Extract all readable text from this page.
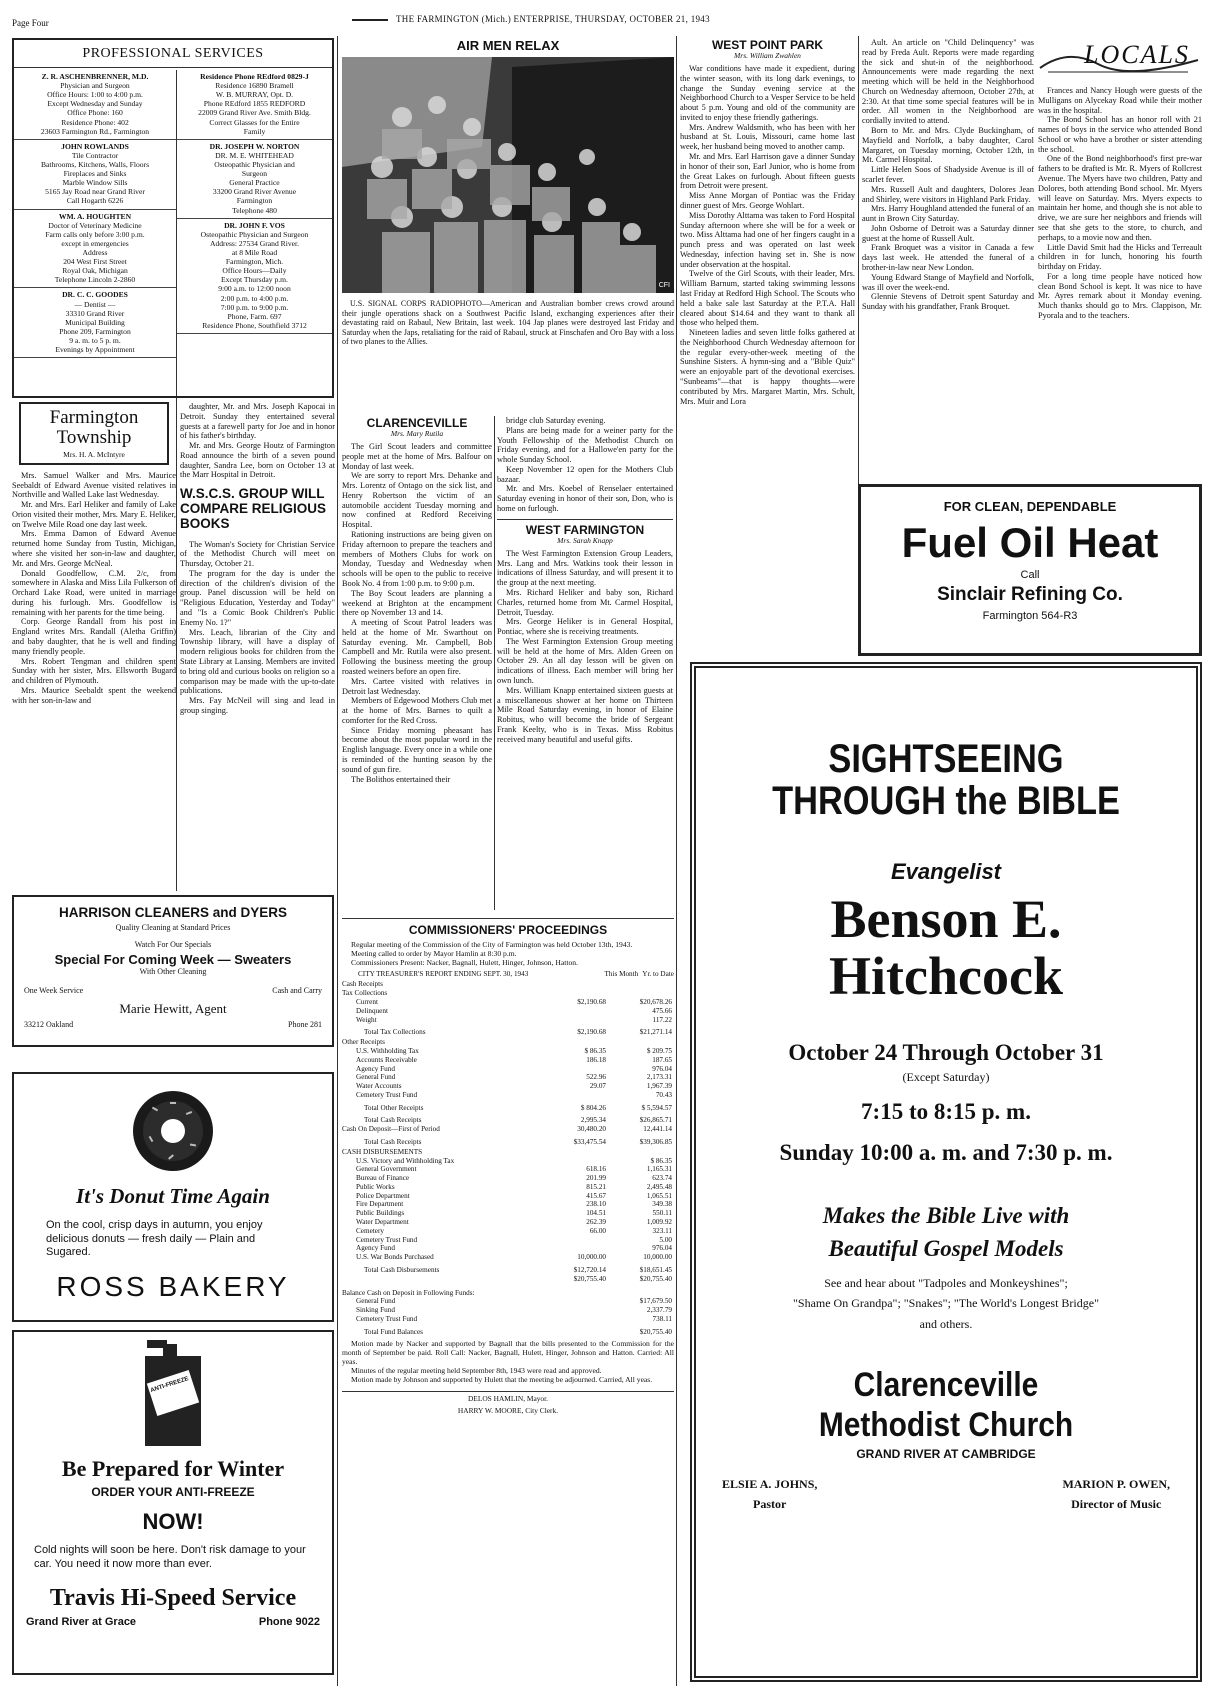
Page Four	THE FARMINGTON (Mich.) ENTERPRISE, THURSDAY, OCTOBER 21, 1943
PROFESSIONAL SERVICES
Z. R. ASCHENBRENNER, M.D.
Physician and Surgeon
Office Hours: 1:00 to 4:00 p.m.
Except Wednesday and Sunday
Office Phone: 160
Residence Phone: 402
23603 Farmington Rd., Farmington
JOHN ROWLANDS
Tile Contractor
Bathrooms, Kitchens, Walls, Floors
Fireplaces and Sinks
Marble Window Sills
5165 Jay Road near Grand River
Call Hogarth 6226
WM. A. HOUGHTEN
Doctor of Veterinary Medicine
Farm calls only before 3:00 p.m.
except in emergencies
Address
204 West First Street
Royal Oak, Michigan
Telephone Lincoln 2-2860
DR. C. C. GOODES
— Dentist —
33310 Grand River
Municipal Building
Phone 209, Farmington
9 a. m. to 5 p. m.
Evenings by Appointment
Residence Phone REdford 0829-J
Residence 16890 Bramell
W. B. MURRAY, Opt. D.
Phone REdford 1855 REDFORD
22009 Grand River Ave. Smith Bldg.
Correct Glasses for the Entire
Family
DR. JOSEPH W. NORTON
DR. M. E. WHITEHEAD
Osteopathic Physician and
Surgeon
General Practice
33200 Grand River Avenue
Farmington
Telephone 480
DR. JOHN F. VOS
Osteopathic Physician and Surgeon
Address: 27534 Grand River.
at 8 Mile Road
Farmington, Mich.
Office Hours—Daily
Except Thursday p.m.
9:00 a.m. to 12:00 noon
2:00 p.m. to 4:00 p.m.
7:00 p.m. to 9:00 p.m.
Phone, Farm. 697
Residence Phone, Southfield 3712
Farmington
Township
Mrs. H. A. McIntyre

Mrs. Samuel Walker and Mrs. Maurice Seebaldt of Edward Avenue visited relatives in Northville and Walled Lake last Wednesday.

Mr. and Mrs. Earl Heliker and family of Lake Orion visited their mother, Mrs. Mary E. Heliker, on Twelve Mile Road one day last week.

Mrs. Emma Damon of Edward Avenue returned home Sunday from Tustin, Michigan, where she visited her son-in-law and daughter, Mr. and Mrs. George McNeal.

Donald Goodfellow, C.M. 2/c, from somewhere in Alaska and Miss Lila Fulkerson of Orchard Lake Road, were united in marriage during his furlough. Mrs. Goodfellow is remaining with her parents for the time being.

Corp. George Randall from his post in England writes Mrs. Randall (Aletha Griffin) and baby daughter, that he is well and finding many friendly people.

Mrs. Robert Tengman and children spent Sunday with her sister, Mrs. Ellsworth Bugard and children of Plymouth.

Mrs. Maurice Seebaldt spent the weekend with her son-in-law and

daughter, Mr. and Mrs. Joseph Kapocai in Detroit. Sunday they entertained several guests at a farewell party for Joe and in honor of his father's birthday.

Mr. and Mrs. George Houtz of Farmington Road announce the birth of a seven pound daughter, Sandra Lee, born on October 13 at the Marr Hospital in Detroit.

W.S.C.S. GROUP WILL COMPARE RELIGIOUS BOOKS

The Woman's Society for Christian Service of the Methodist Church will meet on Thursday, October 21.

The program for the day is under the direction of the children's division of the group. Panel discussion will be held on "Religious Education, Yesterday and Today" and "Is a Comic Book Children's Public Enemy No. 1?"

Mrs. Leach, librarian of the City and Township library, will have a display of modern religious books for children from the State Library at Lansing. Members are invited to bring old and curious books on religion so a comparison may be made with the up-to-date publications.

Mrs. Fay McNeil will sing and lead in group singing.

HARRISON CLEANERS and DYERS
Quality Cleaning at Standard Prices
Watch For Our Specials
Special For Coming Week — Sweaters
With Other Cleaning
One Week Service	Cash and Carry
Marie Hewitt, Agent
33212 Oakland	Phone 281
It's Donut Time Again
On the cool, crisp days in autumn, you enjoy delicious donuts — fresh daily — Plain and Sugared.
ROSS BAKERY
ANTI-FREEZE
Be Prepared for Winter
ORDER YOUR ANTI-FREEZE
NOW!
Cold nights will soon be here. Don't risk damage to your car. You need it now more than ever.
Travis Hi-Speed Service
Grand River at Grace	Phone 9022
AIR MEN RELAX
CFI
U.S. SIGNAL CORPS RADIOPHOTO—American and Australian bomber crews crowd around their jungle operations shack on a Southwest Pacific Island, exchanging experiences after their devastating raid on Rabaul, New Britain, last week. 104 Jap planes were destroyed last Friday and Saturday when the Japs, retaliating for the raid of Rabaul, struck at Finschafen and Oro Bay with a loss of two planes to the Allies.
CLARENCEVILLE
Mrs. Mary Rutila

The Girl Scout leaders and committee people met at the home of Mrs. Balfour on Monday of last week.

We are sorry to report Mrs. Dehanke and Mrs. Lorentz of Ontago on the sick list, and Henry Robertson the victim of an automobile accident Tuesday morning and now confined at Redford Receiving Hospital.

Rationing instructions are being given on Friday afternoon to prepare the teachers and members of Mothers Clubs for work on Monday, Tuesday and Wednesday when schools will be open to the public to receive Book No. 4 from 1:00 p.m. to 9:00 p.m.

The Boy Scout leaders are planning a weekend at Brighton at the encampment there op November 13 and 14.

A meeting of Scout Patrol leaders was held at the home of Mr. Swarthout on Saturday evening. Mr. Campbell, Bob Campbell and Mr. Rutila were also present. Following the business meeting the group roasted weiners before an open fire.

Mrs. Cartee visited with relatives in Detroit last Wednesday.

Members of Edgewood Mothers Club met at the home of Mrs. Barnes to quilt a comforter for the Red Cross.

Since Friday morning pheasant has become about the most popular word in the English language. Every once in a while one is reminded of the hunting season by the sound of gun fire.

The Bolithos entertained their

bridge club Saturday evening.

Plans are being made for a weiner party for the Youth Fellowship of the Methodist Church on Friday evening, and for a Hallowe'en party for the whole Sunday School.

Keep November 12 open for the Mothers Club bazaar.

Mr. and Mrs. Koebel of Renselaer entertained Saturday evening in honor of their son, Don, who is home on furlough.

WEST FARMINGTON
Mrs. Sarah Knapp

The West Farmington Extension Group Leaders, Mrs. Lang and Mrs. Watkins took their lesson in indications of illness Saturday, and will present it to the group at the next meeting.

Mrs. Richard Heliker and baby son, Richard Charles, returned home from Mt. Carmel Hospital, Detroit, Tuesday.

Mrs. George Heliker is in General Hospital, Pontiac, where she is receiving treatments.

The West Farmington Extension Group meeting will be held at the home of Mrs. Alden Green on October 29. An all day lesson will be given on indications of illness. Each member will bring her own lunch.

Mrs. William Knapp entertained sixteen guests at a miscellaneous shower at her home on Thirteen Mile Road Saturday evening, in honor of Elaine Robitus, who will become the bride of Sergeant Frank Keelty, who is in Texas. Miss Robitus received many beautiful and useful gifts.

COMMISSIONERS' PROCEEDINGS

Regular meeting of the Commission of the City of Farmington was held October 13th, 1943.

Meeting called to order by Mayor Hamlin at 8:30 p.m.

Commissioners Present: Nacker, Bagnall, Hulett, Hinger, Johnson, Hatton.

CITY TREASURER'S REPORT ENDING SEPT. 30, 1943	This Month Yr. to Date
Cash Receipts		
Tax Collections		
Current	$2,190.68	$20,678.26
Delinquent		475.66
Weight		117.22

Total Tax Collections	$2,190.68	$21,271.14
Other Receipts		
U.S. Withholding Tax	$ 86.35	$ 209.75
Accounts Receivable	186.18	187.65
Agency Fund		976.04
General Fund	522.96	2,173.31
Water Accounts	29.07	1,967.39
Cemetery Trust Fund		70.43

Total Other Receipts	$ 804.26	$ 5,594.57

Total Cash Receipts	2,995.34	$26,865.71
Cash On Deposit—First of Period	30,480.20	12,441.14

Total Cash Receipts	$33,475.54	$39,306.85
CASH DISBURSEMENTS		
U.S. Victory and Withholding Tax		$ 86.35
General Government	618.16	1,165.31
Bureau of Finance	201.99	623.74
Public Works	815.21	2,495.48
Police Department	415.67	1,065.51
Fire Department	238.10	349.38
Public Buildings	104.51	550.11
Water Department	262.39	1,009.92
Cemetery	66.00	323.11
Cemetery Trust Fund		5.00
Agency Fund		976.04
U.S. War Bonds Purchased	10,000.00	10,000.00

Total Cash Disbursements	$12,720.14	$18,651.45
	$20,755.40	$20,755.40

Balance Cash on Deposit in Following Funds:		
General Fund		$17,679.50
Sinking Fund		2,337.79
Cemetery Trust Fund		738.11

Total Fund Balances		$20,755.40

Motion made by Nacker and supported by Bagnall that the bills presented to the Commission for the month of September be paid. Roll Call: Nacker, Bagnall, Hulett, Hinger, Johnson and Hatton. Carried: All yeas.

Minutes of the regular meeting held September 8th, 1943 were read and approved.

Motion made by Johnson and supported by Hulett that the meeting be adjourned. Carried, All yeas.

DELOS HAMLIN, Mayor.
HARRY W. MOORE, City Clerk.
WEST POINT PARK
Mrs. William Zwahlen

War conditions have made it expedient, during the winter season, with its long dark evenings, to change the Sunday evening service at the Neighborhood Church to a Vesper Service to be held about 5 p.m. Young and old of the community are invited to enjoy these friendly gatherings.

Mrs. Andrew Waldsmith, who has been with her husband at St. Louis, Missouri, came home last week, her husband being moved to another camp.

Mr. and Mrs. Earl Harrison gave a dinner Sunday in honor of their son, Earl Junior, who is home from the Great Lakes on furlough. About fifteen guests from Detroit were present.

Miss Anne Morgan of Pontiac was the Friday dinner guest of Mrs. George Wohlart.

Miss Dorothy Alttama was taken to Ford Hospital Sunday afternoon where she will be for a week or two. Miss Alttama had one of her fingers caught in a punch press and was operated on last week Wednesday, infection having set in. She is now under observation at the hospital.

Twelve of the Girl Scouts, with their leader, Mrs. William Barnum, started taking swimming lessons last Friday at Redford High School. The Scouts who held a bake sale last Saturday at the P.T.A. Hall cleared about $14.64 and they want to thank all those who helped them.

Nineteen ladies and seven little folks gathered at the Neighborhood Church Wednesday afternoon for the regular every-other-week meeting of the Sunshine Sisters. A hymn-sing and a "Bible Quiz" were an enjoyable part of the devotional exercises. "Sunbeams"—that is happy thoughts—were contributed by Mrs. Margaret Martin, Mrs. Schult, Mrs. Muir and Lora

Ault. An article on "Child Delinquency" was read by Freda Ault. Reports were made regarding the sick and shut-in of the neighborhood. Announcements were made regarding the next meeting which will be held in the Neighborhood Church on Wednesday afternoon, October 27th, at 2:30. At that time some special features will be in order. All women in the Neighborhood are cordially invited to attend.

Born to Mr. and Mrs. Clyde Buckingham, of Mayfield and Norfolk, a baby daughter, Carol Margaret, on Tuesday morning, October 12th, in Mt. Carmel Hospital.

Little Helen Soos of Shadyside Avenue is ill of scarlet fever.

Mrs. Russell Ault and daughters, Dolores Jean and Shirley, were visitors in Highland Park Friday.

Mrs. Harry Houghland attended the funeral of an aunt in Brown City Saturday.

John Osborne of Detroit was a Saturday dinner guest at the home of Russell Ault.

Frank Broquet was a visitor in Canada a few days last week. He attended the funeral of a brother-in-law near New London.

Young Edward Stange of Mayfield and Norfolk, was ill over the week-end.

Glennie Stevens of Detroit spent Saturday and Sunday with his grandfather, Frank Broquet.

LOCALS

Frances and Nancy Hough were guests of the Mulligans on Alycekay Road while their mother was in the hospital.

The Bond School has an honor roll with 21 names of boys in the service who attended Bond School or who have a brother or sister attending the school.

One of the Bond neighborhood's first pre-war fathers to be drafted is Mr. R. Myers of Rollcrest Avenue. The Myers have two children, Patty and Dolores, both attending Bond school. Mr. Myers will leave on Saturday. Mrs. Myers expects to maintain her home, and though she is not able to drive, we are sure her neighbors and friends will see that she gets to the store, to church, and perhaps, to a movie now and then.

Little David Smit had the Hicks and Terreault children in for lunch, honoring his fourth birthday on Friday.

For a long time people have noticed how clean Bond School is kept. It was nice to have Mr. Ayres remark about it Monday evening. Much thanks should go to Mrs. Clappison, Mr. Pyorala and to the teachers.

FOR CLEAN, DEPENDABLE
Fuel Oil Heat
Call
Sinclair Refining Co.
Farmington 564-R3
SIGHTSEEING
THROUGH the BIBLE
Evangelist
Benson E.
Hitchcock
October 24 Through October 31
(Except Saturday)
7:15 to 8:15 p. m.
Sunday 10:00 a. m. and 7:30 p. m.
Makes the Bible Live with
Beautiful Gospel Models
See and hear about "Tadpoles and Monkeyshines";
"Shame On Grandpa"; "Snakes"; "The World's Longest Bridge"
and others.
Clarenceville
Methodist Church
GRAND RIVER AT CAMBRIDGE
ELSIE A. JOHNS,
Pastor
MARION P. OWEN,
Director of Music
